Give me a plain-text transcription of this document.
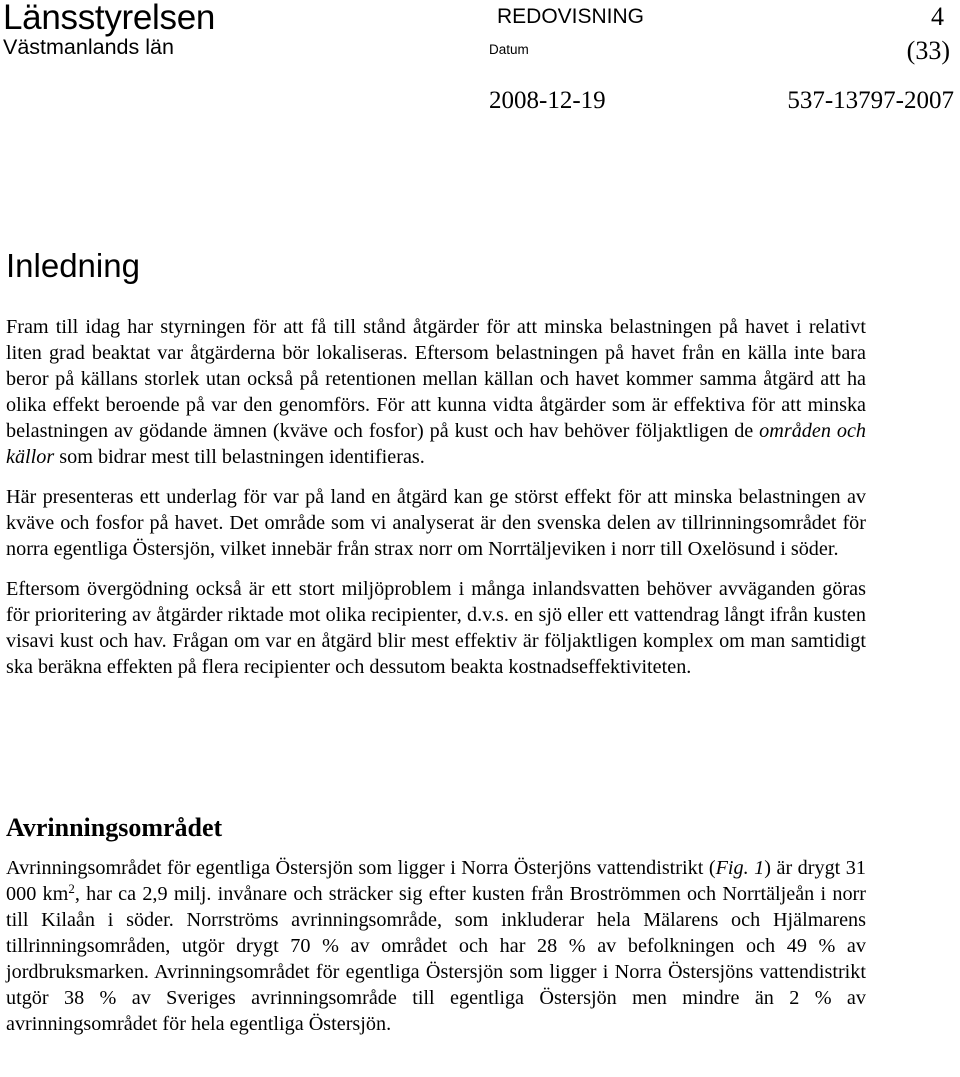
Länsstyrelsen
Västmanlands län
REDOVISNING	4
(33)
Datum
2008-12-19	537-13797-2007
Inledning

Fram till idag har styrningen för att få till stånd åtgärder för att minska belastningen på havet i relativt liten grad beaktat var åtgärderna bör lokaliseras. Eftersom belastningen på havet från en källa inte bara beror på källans storlek utan också på retentionen mellan källan och havet kommer samma åtgärd att ha olika effekt beroende på var den genomförs. För att kunna vidta åtgärder som är effektiva för att minska belastningen av gödande ämnen (kväve och fosfor) på kust och hav behöver följaktligen de områden och källor som bidrar mest till belastningen identifieras.

Här presenteras ett underlag för var på land en åtgärd kan ge störst effekt för att minska belastningen av kväve och fosfor på havet. Det område som vi analyserat är den svenska delen av tillrinningsområdet för norra egentliga Östersjön, vilket innebär från strax norr om Norrtäljeviken i norr till Oxelösund i söder.

Eftersom övergödning också är ett stort miljöproblem i många inlandsvatten behöver avväganden göras för prioritering av åtgärder riktade mot olika recipienter, d.v.s. en sjö eller ett vattendrag långt ifrån kusten visavi kust och hav. Frågan om var en åtgärd blir mest effektiv är följaktligen komplex om man samtidigt ska beräkna effekten på flera recipienter och dessutom beakta kostnadseffektiviteten.

Avrinningsområdet

Avrinningsområdet för egentliga Östersjön som ligger i Norra Österjöns vattendistrikt (Fig. 1) är drygt 31 000 $km^2$, har ca 2,9 milj. invånare och sträcker sig efter kusten från Broströmmen och Norrtäljeån i norr till Kilaån i söder. Norrströms avrinningsområde, som inkluderar hela Mälarens och Hjälmarens tillrinningsområden, utgör drygt 70 % av området och har 28 % av befolkningen och 49 % av jordbruksmarken. Avrinningsområdet för egentliga Östersjön som ligger i Norra Östersjöns vattendistrikt utgör 38 % av Sveriges avrinningsområde till egentliga Östersjön men mindre än 2 % av avrinningsområdet för hela egentliga Östersjön.
